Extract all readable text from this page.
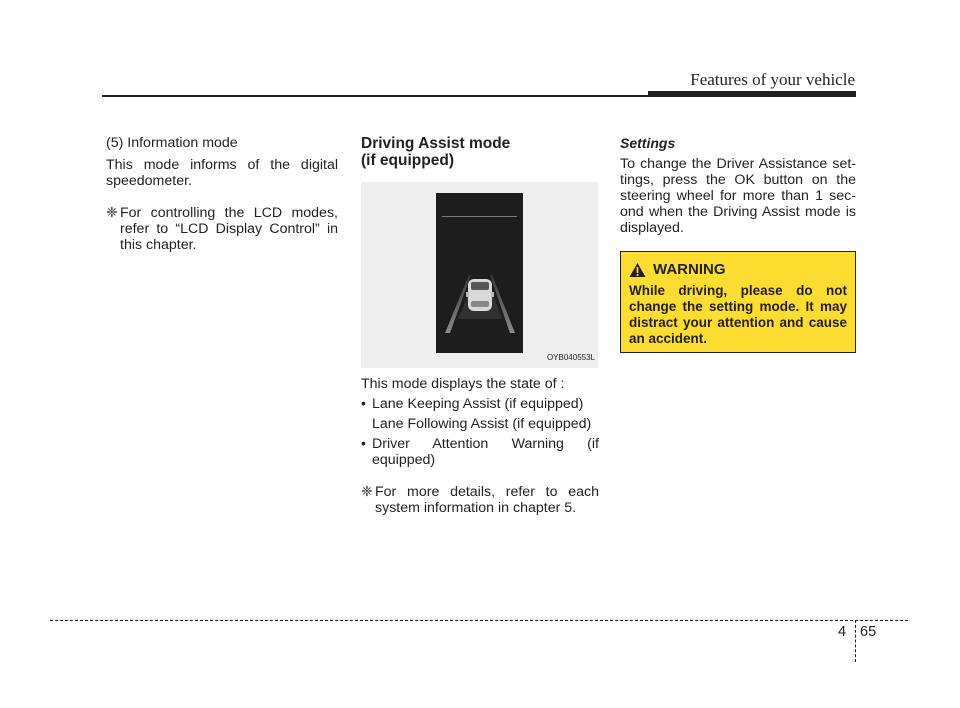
Features of your vehicle

(5) Information mode

This mode informs of the digital speedometer.

❈ For controlling the LCD modes, refer to “LCD Display Control” in this chapter.
Driving Assist mode
(if equipped)
OYB040553L

This mode displays the state of :

• Lane Keeping Assist (if equipped)
Lane Following Assist (if equipped)
• Driver Attention Warning (if equipped)
❈ For more details, refer to each system information in chapter 5.
Settings

To change the Driver Assistance set-tings, press the OK button on the steering wheel for more than 1 sec-ond when the Driving Assist mode is displayed.

WARNING
While driving, please do not change the setting mode. It may distract your attention and cause an accident.
4 65
